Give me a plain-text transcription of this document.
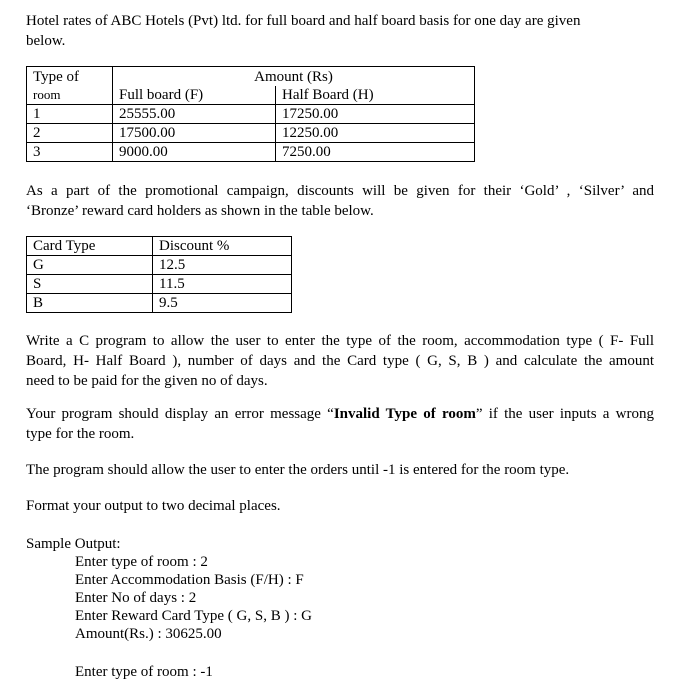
Hotel rates of ABC Hotels (Pvt) ltd. for full board and half board basis for one day are given
below.
Type of
room	Amount (Rs)	
	Full board (F)	Half Board (H)
1	25555.00	17250.00
2	17500.00	12250.00
3	9000.00	7250.00
As a part of the promotional campaign, discounts will be given for their ‘Gold’ , ‘Silver’ and
‘Bronze’ reward card holders as shown in the table below.
Card Type	Discount %
G	12.5
S	11.5
B	9.5
Write a C program to allow the user to enter the type of the room, accommodation type ( F- Full
Board, H- Half Board ), number of days and the Card type ( G, S, B ) and calculate the amount
need to be paid for the given no of days.
Your program should display an error message “Invalid Type of room” if the user inputs a wrong
type for the room.
The program should allow the user to enter the orders until -1 is entered for the room type.
Format your output to two decimal places.
Sample Output:
Enter type of room : 2
Enter Accommodation Basis (F/H) : F
Enter No of days : 2
Enter Reward Card Type ( G, S, B ) : G
Amount(Rs.) : 30625.00
Enter type of room : -1
